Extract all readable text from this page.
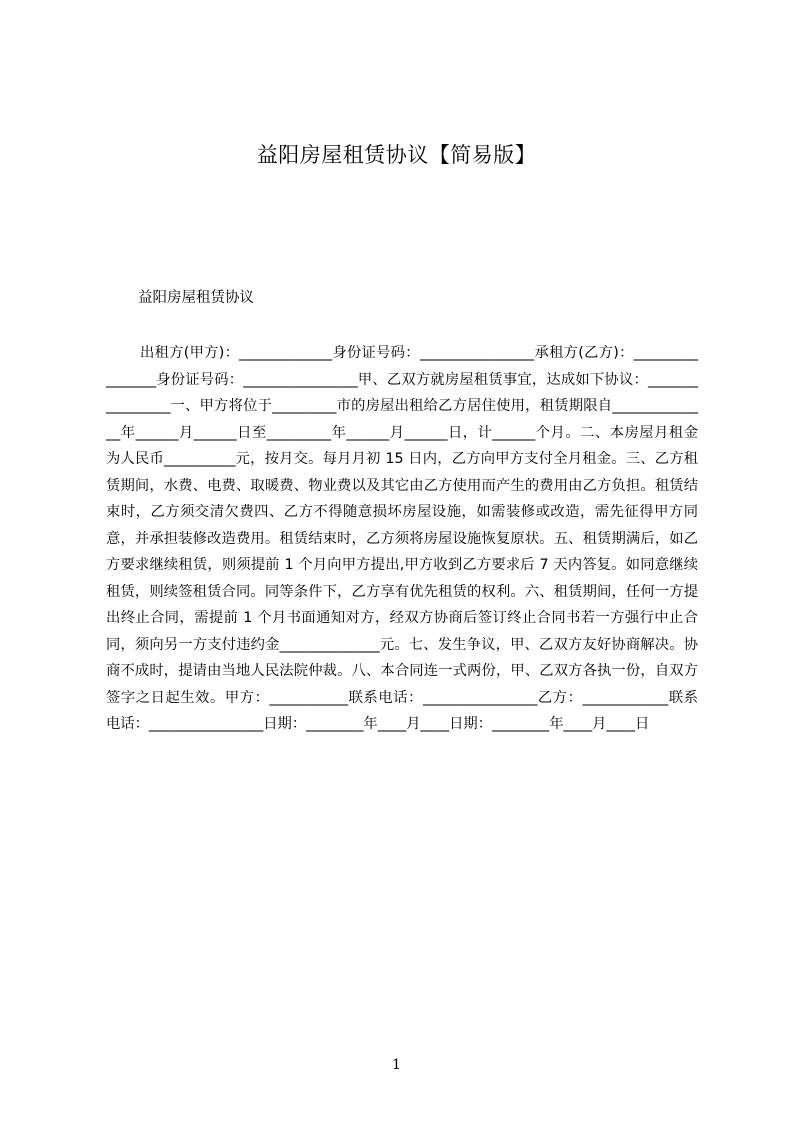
益阳房屋租赁协议【简易版】

益阳房屋租赁协议

出租方(甲方)：_____________身份证号码：________________承租方(乙方)：________________身份证号码：________________甲、乙双方就房屋租赁事宜，达成如下协议：________________一、甲方将位于_________市的房屋出租给乙方居住使用，租赁期限自______________年______月______日至_________年______月______日，计______个月。二、本房屋月租金为人民币__________元，按月交。每月月初 15 日内，乙方向甲方支付全月租金。三、乙方租赁期间，水费、电费、取暖费、物业费以及其它由乙方使用而产生的费用由乙方负担。租赁结束时，乙方须交清欠费四、乙方不得随意损坏房屋设施，如需装修或改造，需先征得甲方同意，并承担装修改造费用。租赁结束时，乙方须将房屋设施恢复原状。五、租赁期满后，如乙方要求继续租赁，则须提前 1 个月向甲方提出,甲方收到乙方要求后 7 天内答复。如同意继续租赁，则续签租赁合同。同等条件下，乙方享有优先租赁的权利。六、租赁期间，任何一方提出终止合同，需提前 1 个月书面通知对方，经双方协商后签订终止合同书若一方强行中止合同，须向另一方支付违约金______________元。七、发生争议，甲、乙双方友好协商解决。协商不成时，提请由当地人民法院仲裁。八、本合同连一式两份，甲、乙双方各执一份，自双方签字之日起生效。甲方：___________联系电话：________________乙方：____________联系电话：________________日期：________年____月____日期：________年____月____日

1
